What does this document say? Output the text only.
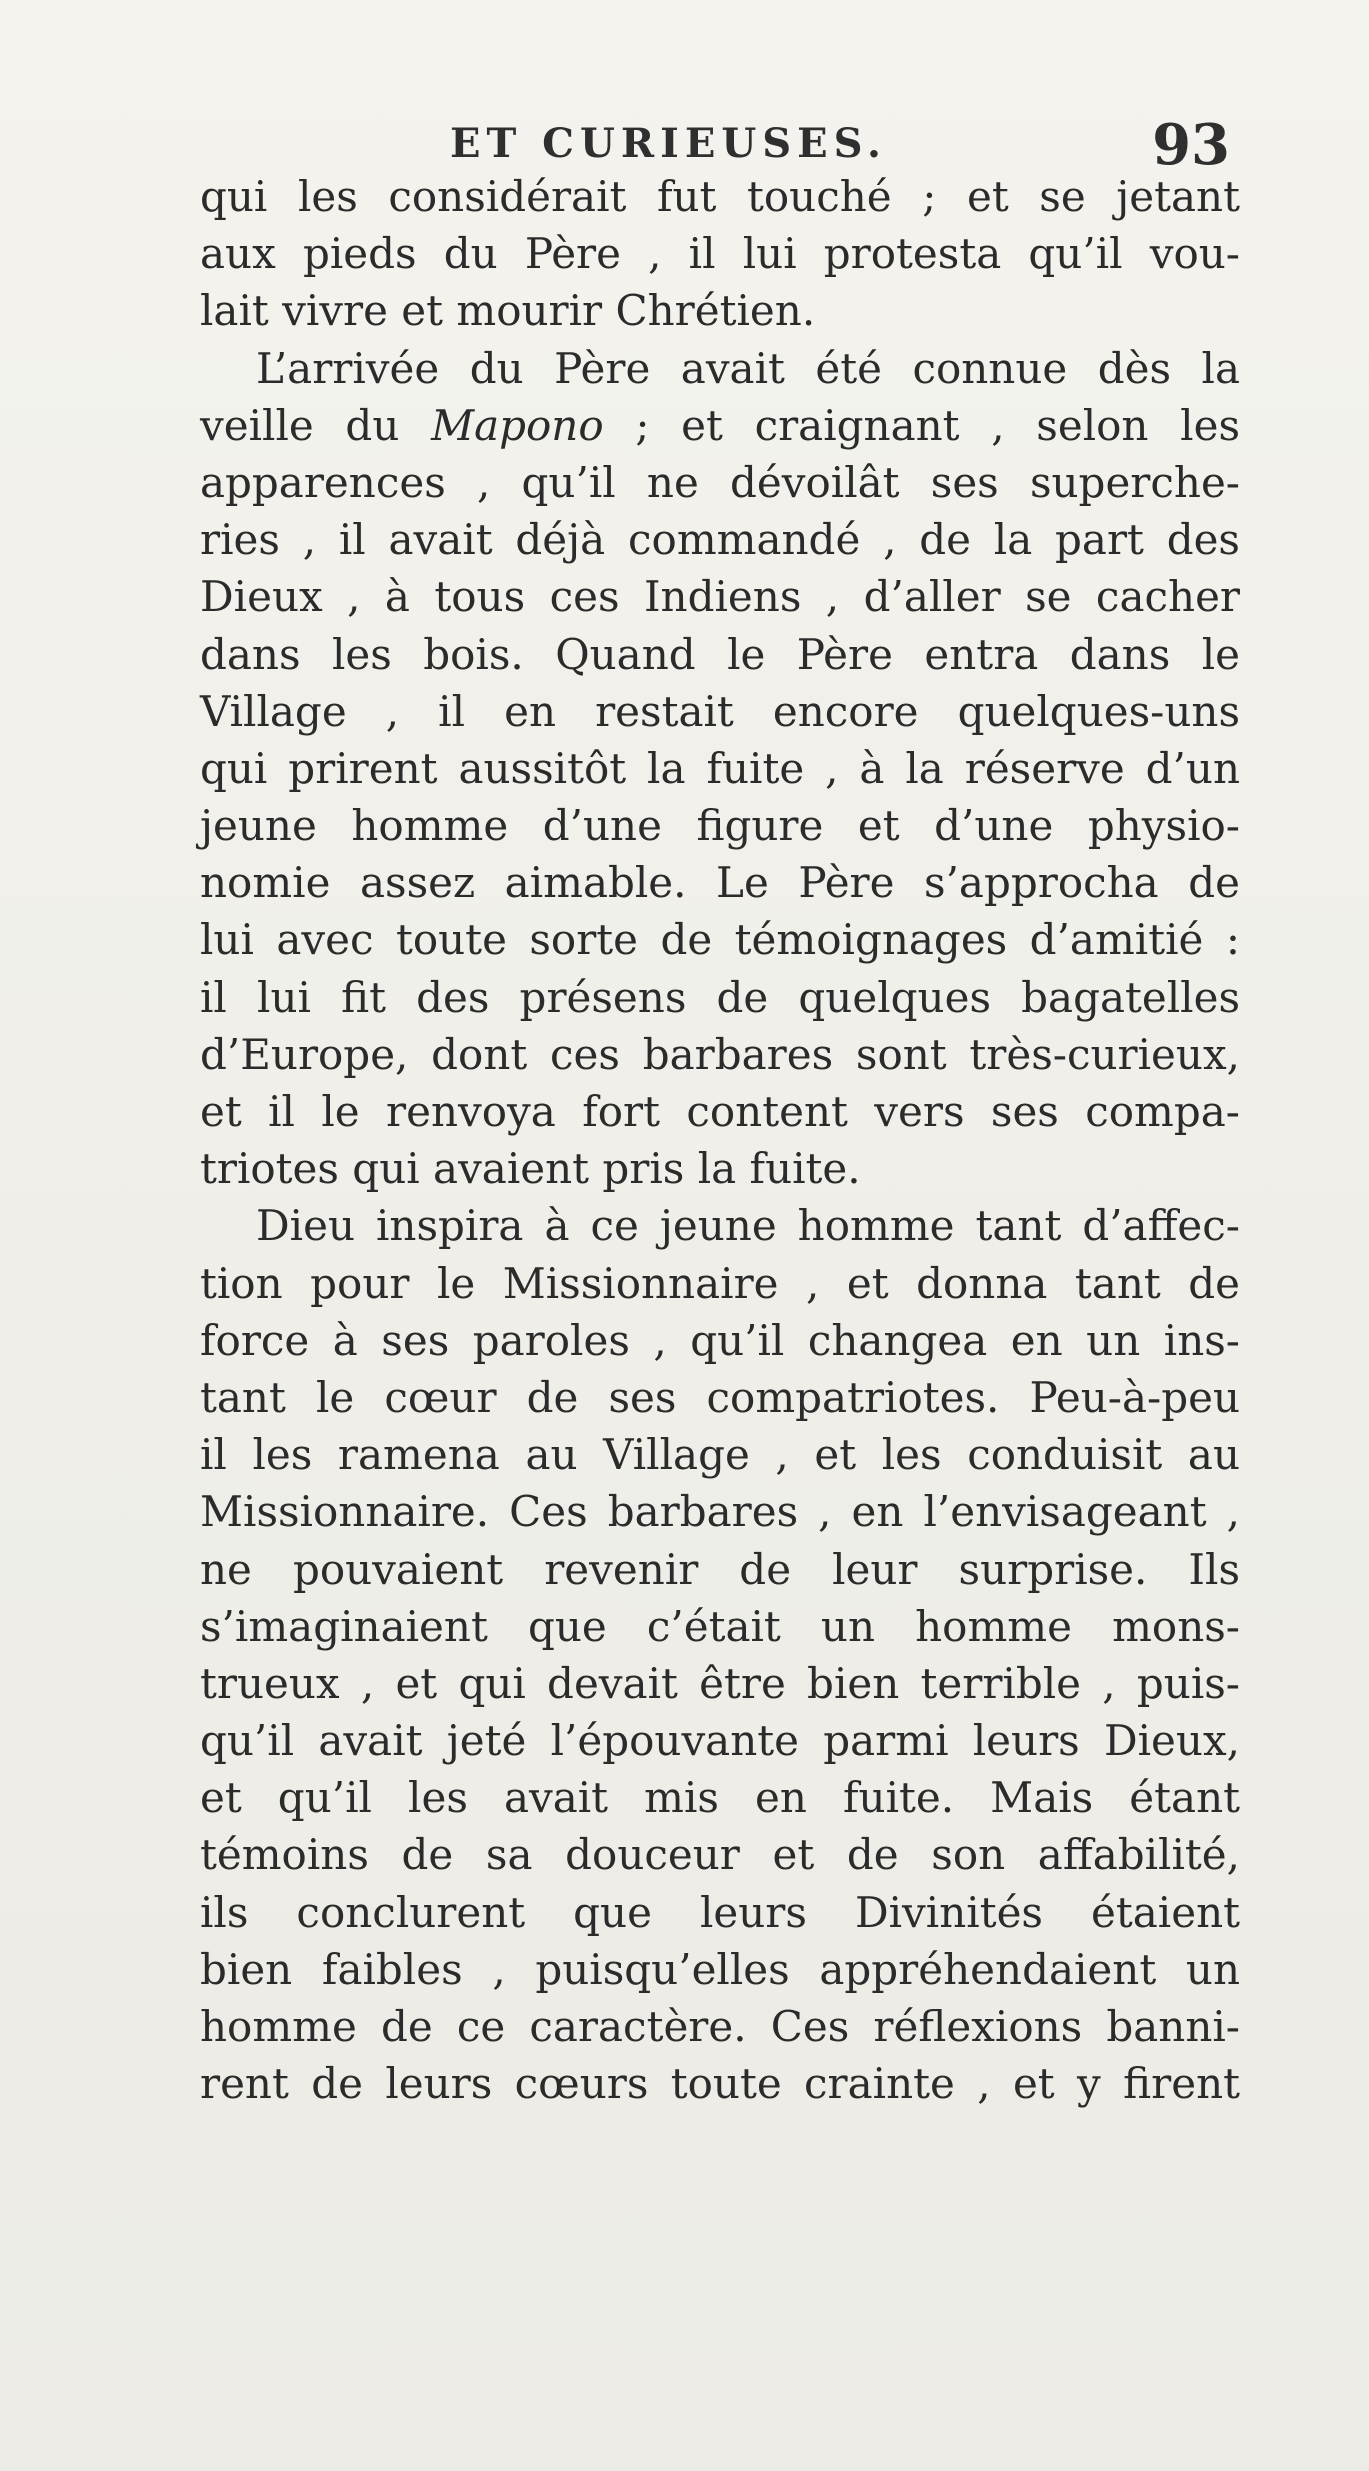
ET CURIEUSES.	93

qui les considérait fut touché ; et se jetant
aux pieds du Père , il lui protesta qu’il vou-
lait vivre et mourir Chrétien.

L’arrivée du Père avait été connue dès la
veille du Mapono ; et craignant , selon les
apparences , qu’il ne dévoilât ses superche-
ries , il avait déjà commandé , de la part des
Dieux , à tous ces Indiens , d’aller se cacher
dans les bois. Quand le Père entra dans le
Village , il en restait encore quelques-uns
qui prirent aussitôt la fuite , à la réserve d’un
jeune homme d’une figure et d’une physio-
nomie assez aimable. Le Père s’approcha de
lui avec toute sorte de témoignages d’amitié :
il lui fit des présens de quelques bagatelles
d’Europe, dont ces barbares sont très-curieux,
et il le renvoya fort content vers ses compa-
triotes qui avaient pris la fuite.

Dieu inspira à ce jeune homme tant d’affec-
tion pour le Missionnaire , et donna tant de
force à ses paroles , qu’il changea en un ins-
tant le cœur de ses compatriotes. Peu-à-peu
il les ramena au Village , et les conduisit au
Missionnaire. Ces barbares , en l’envisageant ,
ne pouvaient revenir de leur surprise. Ils
s’imaginaient que c’était un homme mons-
trueux , et qui devait être bien terrible , puis-
qu’il avait jeté l’épouvante parmi leurs Dieux,
et qu’il les avait mis en fuite. Mais étant
témoins de sa douceur et de son affabilité,
ils conclurent que leurs Divinités étaient
bien faibles , puisqu’elles appréhendaient un
homme de ce caractère. Ces réflexions banni-
rent de leurs cœurs toute crainte , et y firent
